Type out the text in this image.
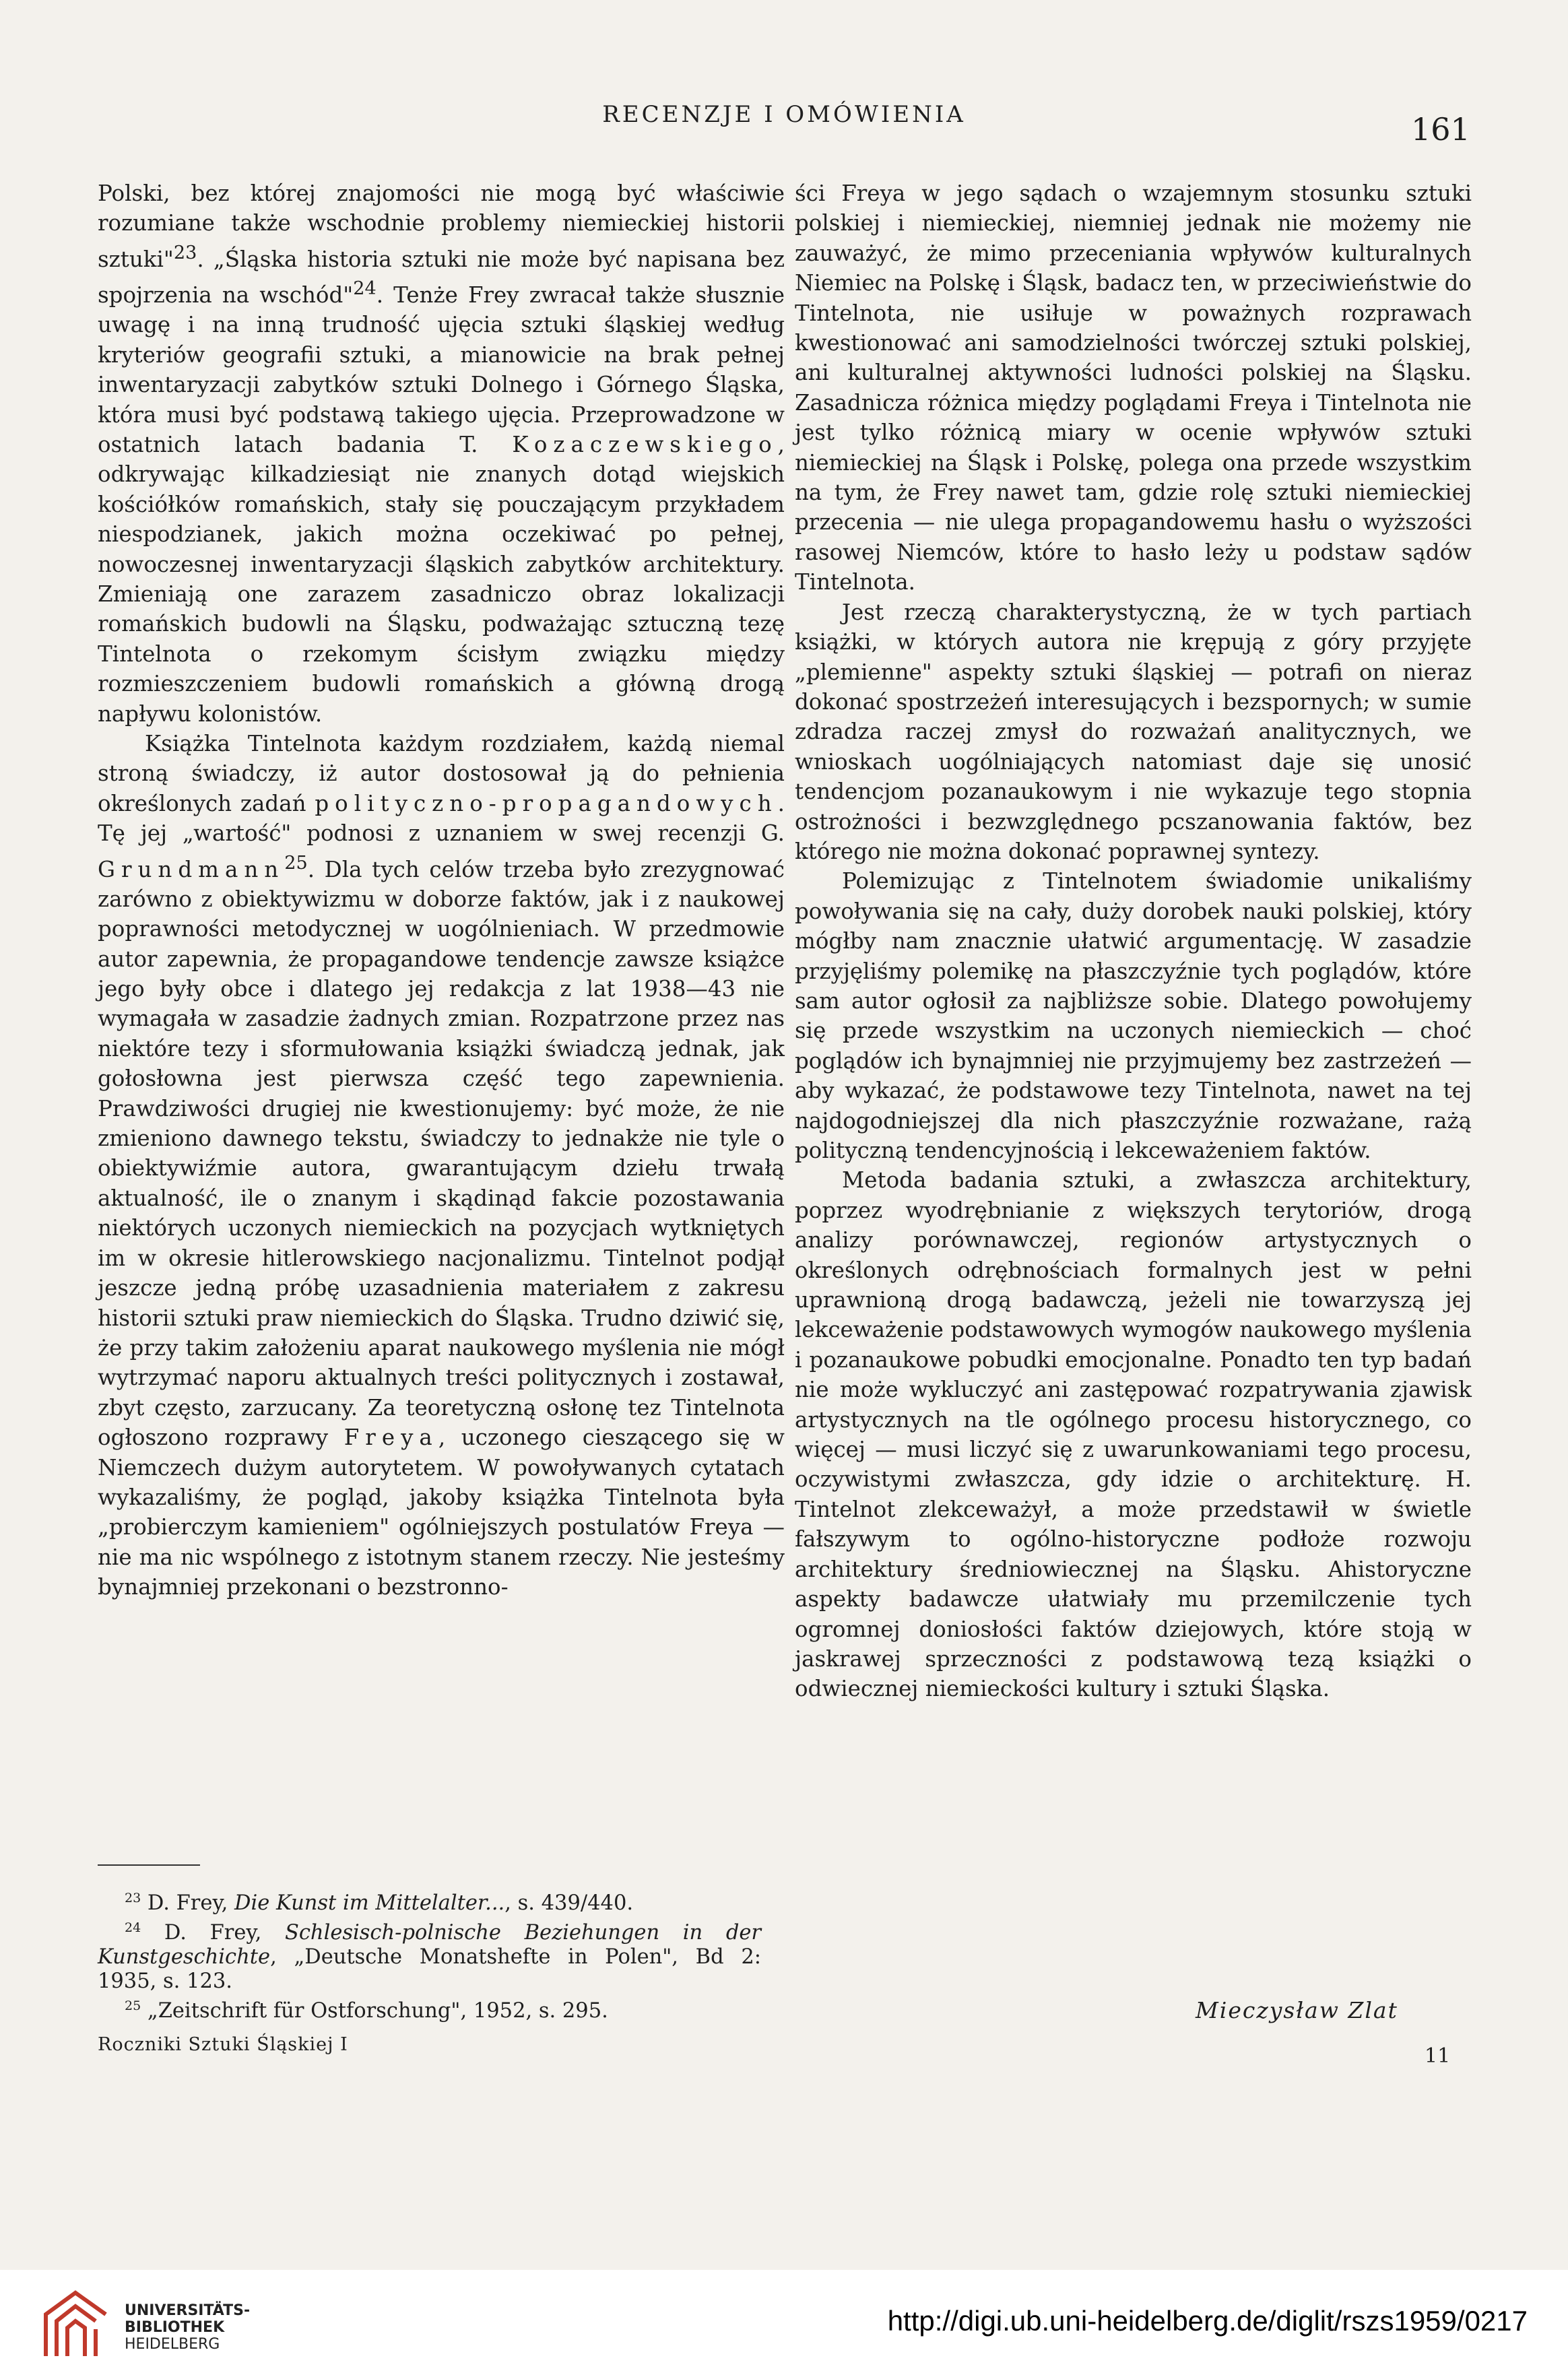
RECENZJE I OMÓWIENIA	161

Polski, bez której znajomości nie mogą być właściwie rozumiane także wschodnie problemy niemieckiej historii sztuki"$^{23}$. „Śląska historia sztuki nie może być napisana bez spojrzenia na wschód"$^{24}$. Tenże Frey zwracał także słusznie uwagę i na inną trudność ujęcia sztuki śląskiej według kryteriów geografii sztuki, a mianowicie na brak pełnej inwentaryzacji zabytków sztuki Dolnego i Górnego Śląska, która musi być podstawą takiego ujęcia. Przeprowadzone w ostatnich latach badania T. Kozaczewskiego, odkrywając kilkadziesiąt nie znanych dotąd wiejskich kościółków romańskich, stały się pouczającym przykładem niespodzianek, jakich można oczekiwać po pełnej, nowoczesnej inwentaryzacji śląskich zabytków architektury. Zmieniają one zarazem zasadniczo obraz lokalizacji romańskich budowli na Śląsku, podważając sztuczną tezę Tintelnota o rzekomym ścisłym związku między rozmieszczeniem budowli romańskich a główną drogą napływu kolonistów.

Książka Tintelnota każdym rozdziałem, każdą niemal stroną świadczy, iż autor dostosował ją do pełnienia określonych zadań polityczno-propagandowych. Tę jej „wartość" podnosi z uznaniem w swej recenzji G. Grundmann$^{25}$. Dla tych celów trzeba było zrezygnować zarówno z obiektywizmu w doborze faktów, jak i z naukowej poprawności metodycznej w uogólnieniach. W przedmowie autor zapewnia, że propagandowe tendencje zawsze książce jego były obce i dlatego jej redakcja z lat 1938—43 nie wymagała w zasadzie żadnych zmian. Rozpatrzone przez nas niektóre tezy i sformułowania książki świadczą jednak, jak gołosłowna jest pierwsza część tego zapewnienia. Prawdziwości drugiej nie kwestionujemy: być może, że nie zmieniono dawnego tekstu, świadczy to jednakże nie tyle o obiektywiźmie autora, gwarantującym dziełu trwałą aktualność, ile o znanym i skądinąd fakcie pozostawania niektórych uczonych niemieckich na pozycjach wytkniętych im w okresie hitlerowskiego nacjonalizmu. Tintelnot podjął jeszcze jedną próbę uzasadnienia materiałem z zakresu historii sztuki praw niemieckich do Śląska. Trudno dziwić się, że przy takim założeniu aparat naukowego myślenia nie mógł wytrzymać naporu aktualnych treści politycznych i zostawał, zbyt często, zarzucany. Za teoretyczną osłonę tez Tintelnota ogłoszono rozprawy Freya, uczonego cieszącego się w Niemczech dużym autorytetem. W powoływanych cytatach wykazaliśmy, że pogląd, jakoby książka Tintelnota była „probierczym kamieniem" ogólniejszych postulatów Freya — nie ma nic wspólnego z istotnym stanem rzeczy. Nie jesteśmy bynajmniej przekonani o bezstronno-

ści Freya w jego sądach o wzajemnym stosunku sztuki polskiej i niemieckiej, niemniej jednak nie możemy nie zauważyć, że mimo przeceniania wpływów kulturalnych Niemiec na Polskę i Śląsk, badacz ten, w przeciwieństwie do Tintelnota, nie usiłuje w poważnych rozprawach kwestionować ani samodzielności twórczej sztuki polskiej, ani kulturalnej aktywności ludności polskiej na Śląsku. Zasadnicza różnica między poglądami Freya i Tintelnota nie jest tylko różnicą miary w ocenie wpływów sztuki niemieckiej na Śląsk i Polskę, polega ona przede wszystkim na tym, że Frey nawet tam, gdzie rolę sztuki niemieckiej przecenia — nie ulega propagandowemu hasłu o wyższości rasowej Niemców, które to hasło leży u podstaw sądów Tintelnota.

Jest rzeczą charakterystyczną, że w tych partiach książki, w których autora nie krępują z góry przyjęte „plemienne" aspekty sztuki śląskiej — potrafi on nieraz dokonać spostrzeżeń interesujących i bezspornych; w sumie zdradza raczej zmysł do rozważań analitycznych, we wnioskach uogólniających natomiast daje się unosić tendencjom pozanaukowym i nie wykazuje tego stopnia ostrożności i bezwzględnego pcszanowania faktów, bez którego nie można dokonać poprawnej syntezy.

Polemizując z Tintelnotem świadomie unikaliśmy powoływania się na cały, duży dorobek nauki polskiej, który mógłby nam znacznie ułatwić argumentację. W zasadzie przyjęliśmy polemikę na płaszczyźnie tych poglądów, które sam autor ogłosił za najbliższe sobie. Dlatego powołujemy się przede wszystkim na uczonych niemieckich — choć poglądów ich bynajmniej nie przyjmujemy bez zastrzeżeń — aby wykazać, że podstawowe tezy Tintelnota, nawet na tej najdogodniejszej dla nich płaszczyźnie rozważane, rażą polityczną tendencyjnością i lekceważeniem faktów.

Metoda badania sztuki, a zwłaszcza architektury, poprzez wyodrębnianie z większych terytoriów, drogą analizy porównawczej, regionów artystycznych o określonych odrębnościach formalnych jest w pełni uprawnioną drogą badawczą, jeżeli nie towarzyszą jej lekceważenie podstawowych wymogów naukowego myślenia i pozanaukowe pobudki emocjonalne. Ponadto ten typ badań nie może wykluczyć ani zastępować rozpatrywania zjawisk artystycznych na tle ogólnego procesu historycznego, co więcej — musi liczyć się z uwarunkowaniami tego procesu, oczywistymi zwłaszcza, gdy idzie o architekturę. H. Tintelnot zlekceważył, a może przedstawił w świetle fałszywym to ogólno-historyczne podłoże rozwoju architektury średniowiecznej na Śląsku. Ahistoryczne aspekty badawcze ułatwiały mu przemilczenie tych ogromnej doniosłości faktów dziejowych, które stoją w jaskrawej sprzeczności z podstawową tezą książki o odwiecznej niemieckości kultury i sztuki Śląska.

$^{23}$ D. Frey, Die Kunst im Mittelalter..., s. 439/440.

$^{24}$ D. Frey, Schlesisch-polnische Beziehungen in der Kunstgeschichte, „Deutsche Monatshefte in Polen", Bd 2: 1935, s. 123.

$^{25}$ „Zeitschrift für Ostforschung", 1952, s. 295.

Roczniki Sztuki Śląskiej I
Mieczysław Zlat
11
UNIVERSITÄTS-
BIBLIOTHEK
HEIDELBERG
http://digi.ub.uni-heidelberg.de/diglit/rszs1959/0217
